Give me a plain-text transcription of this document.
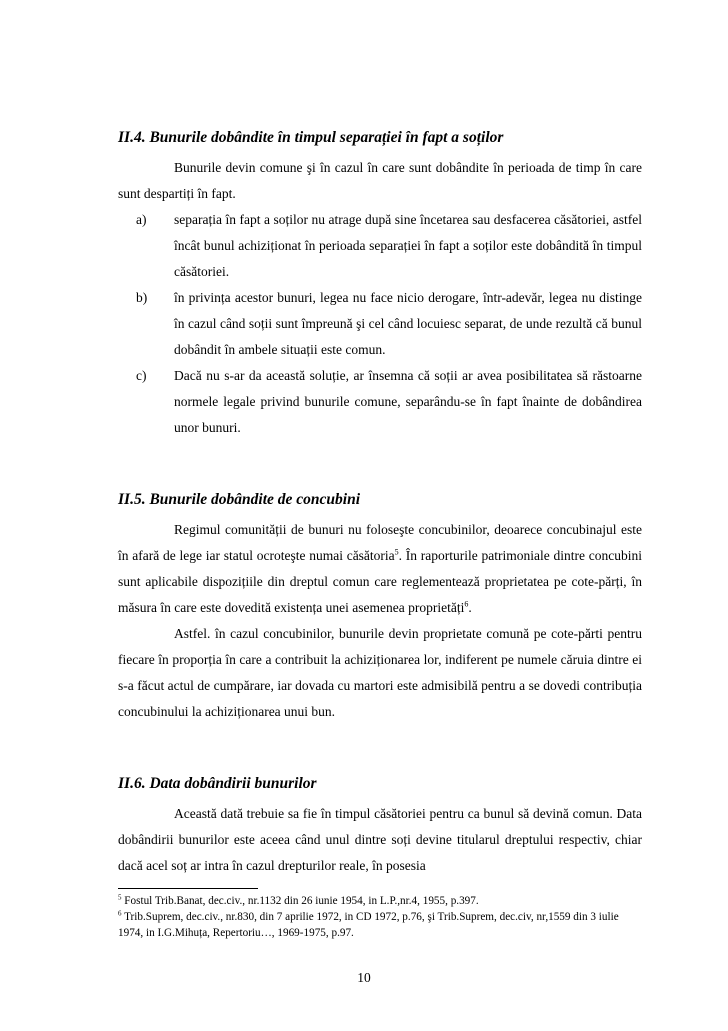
II.4. Bunurile dobândite în timpul separației în fapt a soților

Bunurile devin comune şi în cazul în care sunt dobândite în perioada de timp în care sunt despartiți în fapt.

a) separația în fapt a soților nu atrage după sine încetarea sau desfacerea căsătoriei, astfel încât bunul achiziționat în perioada separației în fapt a soților este dobândită în timpul căsătoriei.
b) în privința acestor bunuri, legea nu face nicio derogare, într-adevăr, legea nu distinge în cazul când soții sunt împreună şi cel când locuiesc separat, de unde rezultă că bunul dobândit în ambele situații este comun.
c) Dacă nu s-ar da această soluție, ar însemna că soții ar avea posibilitatea să răstoarne normele legale privind bunurile comune, separându-se în fapt înainte de dobândirea unor bunuri.
II.5. Bunurile dobândite de concubini

Regimul comunității de bunuri nu foloseşte concubinilor, deoarece concubinajul este în afară de lege iar statul ocroteşte numai căsătoria$^5$. În raporturile patrimoniale dintre concubini sunt aplicabile dispozițiile din dreptul comun care reglementează proprietatea pe cote-părți, în măsura în care este dovedită existența unei asemenea proprietăți$^6$.

Astfel. în cazul concubinilor, bunurile devin proprietate comună pe cote-părti pentru fiecare în proporția în care a contribuit la achiziționarea lor, indiferent pe numele căruia dintre ei s-a făcut actul de cumpărare, iar dovada cu martori este admisibilă pentru a se dovedi contribuția concubinului la achiziționarea unui bun.

II.6. Data dobândirii bunurilor

Această dată trebuie sa fie în timpul căsătoriei pentru ca bunul să devină comun. Data dobândirii bunurilor este aceea când unul dintre soți devine titularul dreptului respectiv, chiar dacă acel soț ar intra în cazul drepturilor reale, în posesia

$^5$ Fostul Trib.Banat, dec.civ., nr.1132 din 26 iunie 1954, in L.P.,nr.4, 1955, p.397.
$^6$ Trib.Suprem, dec.civ., nr.830, din 7 aprilie 1972, in CD 1972, p.76, şi Trib.Suprem, dec.civ, nr,1559 din 3 iulie 1974, in I.G.Mihuța, Repertoriu…, 1969-1975, p.97.
10
